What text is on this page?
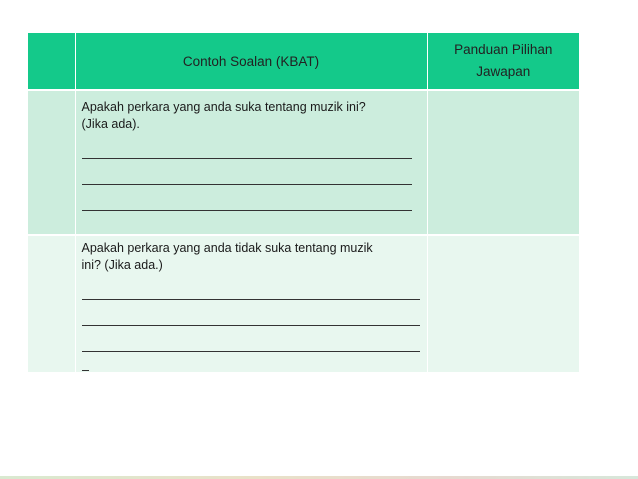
	Contoh Soalan (KBAT)	Panduan Pilihan
Jawapan

	Apakah perkara yang anda suka tentang muzik ini?
(Jika ada).	

	Apakah perkara yang anda tidak suka tentang muzik
ini? (Jika ada.)	
